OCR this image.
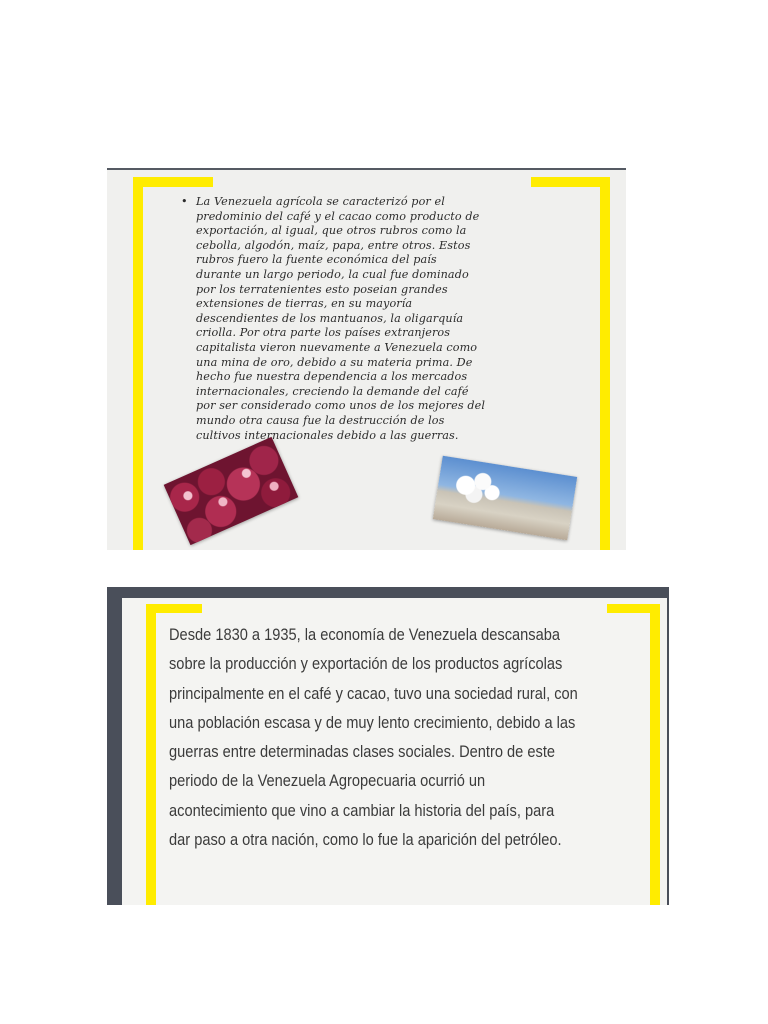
• La Venezuela agrícola se caracterizó por el
predominio del café y el cacao como producto de
exportación, al igual, que otros rubros como la
cebolla, algodón, maíz, papa, entre otros. Estos
rubros fuero la fuente económica del país
durante un largo periodo, la cual fue dominado
por los terratenientes esto poseian grandes
extensiones de tierras, en su mayoría
descendientes de los mantuanos, la oligarquía
criolla. Por otra parte los países extranjeros
capitalista vieron nuevamente a Venezuela como
una mina de oro, debido a su materia prima. De
hecho fue nuestra dependencia a los mercados
internacionales, creciendo la demande del café
por ser considerado como unos de los mejores del
mundo otra causa fue la destrucción de los
cultivos internacionales debido a las guerras.
Desde 1830 a 1935, la economía de Venezuela descansaba
sobre la producción y exportación de los productos agrícolas
principalmente en el café y cacao, tuvo una sociedad rural, con
una población escasa y de muy lento crecimiento, debido a las
guerras entre determinadas clases sociales. Dentro de este
periodo de la Venezuela Agropecuaria ocurrió un
acontecimiento que vino a cambiar la historia del país, para
dar paso a otra nación, como lo fue la aparición del petróleo.
